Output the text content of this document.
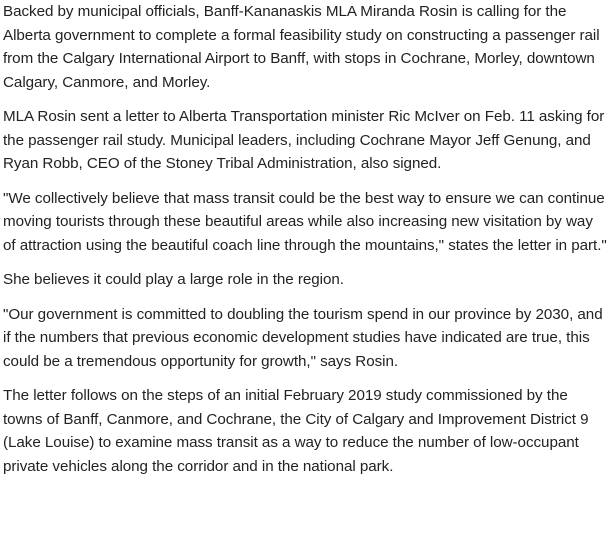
Backed by municipal officials, Banff-Kananaskis MLA Miranda Rosin is calling for the Alberta government to complete a formal feasibility study on constructing a passenger rail from the Calgary International Airport to Banff, with stops in Cochrane, Morley, downtown Calgary, Canmore, and Morley.

MLA Rosin sent a letter to Alberta Transportation minister Ric McIver on Feb. 11 asking for the passenger rail study. Municipal leaders, including Cochrane Mayor Jeff Genung, and Ryan Robb, CEO of the Stoney Tribal Administration, also signed.

"We collectively believe that mass transit could be the best way to ensure we can continue moving tourists through these beautiful areas while also increasing new visitation by way of attraction using the beautiful coach line through the mountains," states the letter in part."

She believes it could play a large role in the region.

"Our government is committed to doubling the tourism spend in our province by 2030, and if the numbers that previous economic development studies have indicated are true, this could be a tremendous opportunity for growth," says Rosin.

The letter follows on the steps of an initial February 2019 study commissioned by the towns of Banff, Canmore, and Cochrane, the City of Calgary and Improvement District 9 (Lake Louise) to examine mass transit as a way to reduce the number of low-occupant private vehicles along the corridor and in the national park.
